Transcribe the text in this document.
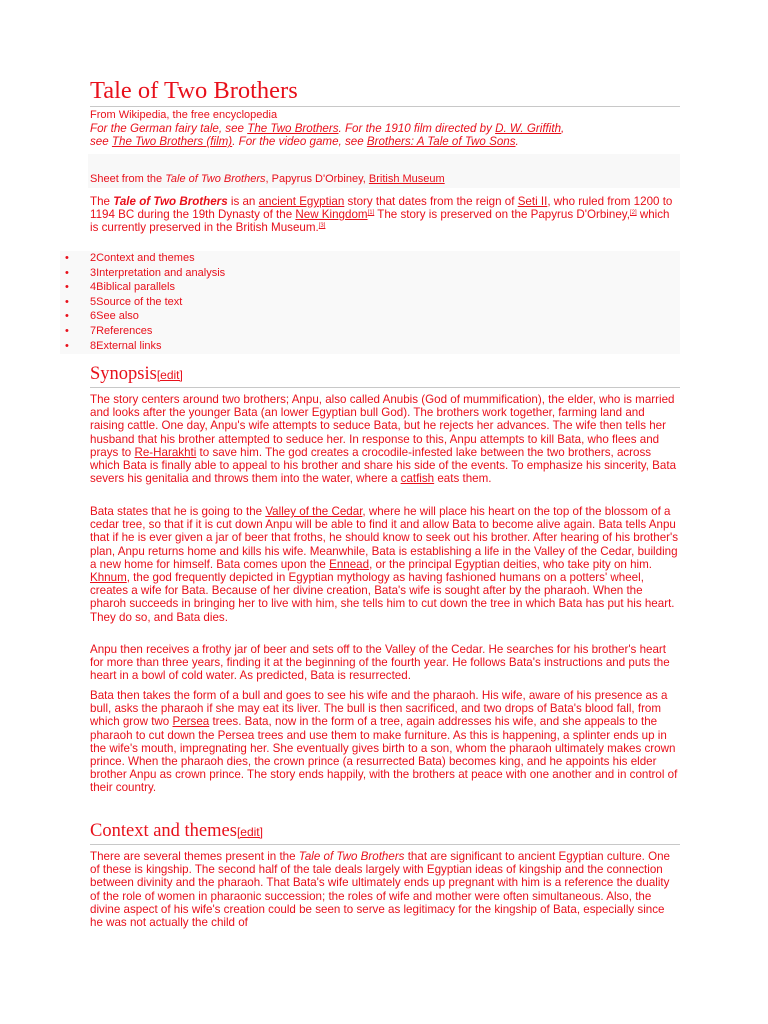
Tale of Two Brothers
From Wikipedia, the free encyclopedia
For the German fairy tale, see The Two Brothers. For the 1910 film directed by D. W. Griffith,
see The Two Brothers (film). For the video game, see Brothers: A Tale of Two Sons.
Sheet from the Tale of Two Brothers, Papyrus D'Orbiney, British Museum
The Tale of Two Brothers is an ancient Egyptian story that dates from the reign of Seti II, who ruled from 1200 to 1194 BC during the 19th Dynasty of the New Kingdom[1] The story is preserved on the Papyrus D'Orbiney,[2] which is currently preserved in the British Museum.[3]
• 2Context and themes
• 3Interpretation and analysis
• 4Biblical parallels
• 5Source of the text
• 6See also
• 7References
• 8External links
Synopsis[edit]

The story centers around two brothers; Anpu, also called Anubis (God of mummification), the elder, who is married and looks after the younger Bata (an lower Egyptian bull God). The brothers work together, farming land and raising cattle. One day, Anpu's wife attempts to seduce Bata, but he rejects her advances. The wife then tells her husband that his brother attempted to seduce her. In response to this, Anpu attempts to kill Bata, who flees and prays to Re-Harakhti to save him. The god creates a crocodile-infested lake between the two brothers, across which Bata is finally able to appeal to his brother and share his side of the events. To emphasize his sincerity, Bata severs his genitalia and throws them into the water, where a catfish eats them.

Bata states that he is going to the Valley of the Cedar, where he will place his heart on the top of the blossom of a cedar tree, so that if it is cut down Anpu will be able to find it and allow Bata to become alive again. Bata tells Anpu that if he is ever given a jar of beer that froths, he should know to seek out his brother. After hearing of his brother's plan, Anpu returns home and kills his wife. Meanwhile, Bata is establishing a life in the Valley of the Cedar, building a new home for himself. Bata comes upon the Ennead, or the principal Egyptian deities, who take pity on him. Khnum, the god frequently depicted in Egyptian mythology as having fashioned humans on a potters' wheel, creates a wife for Bata. Because of her divine creation, Bata's wife is sought after by the pharaoh. When the pharoh succeeds in bringing her to live with him, she tells him to cut down the tree in which Bata has put his heart. They do so, and Bata dies.

Anpu then receives a frothy jar of beer and sets off to the Valley of the Cedar. He searches for his brother's heart for more than three years, finding it at the beginning of the fourth year. He follows Bata's instructions and puts the heart in a bowl of cold water. As predicted, Bata is resurrected.

Bata then takes the form of a bull and goes to see his wife and the pharaoh. His wife, aware of his presence as a bull, asks the pharaoh if she may eat its liver. The bull is then sacrificed, and two drops of Bata's blood fall, from which grow two Persea trees. Bata, now in the form of a tree, again addresses his wife, and she appeals to the pharaoh to cut down the Persea trees and use them to make furniture. As this is happening, a splinter ends up in the wife's mouth, impregnating her. She eventually gives birth to a son, whom the pharaoh ultimately makes crown prince. When the pharaoh dies, the crown prince (a resurrected Bata) becomes king, and he appoints his elder brother Anpu as crown prince. The story ends happily, with the brothers at peace with one another and in control of their country.

Context and themes[edit]

There are several themes present in the Tale of Two Brothers that are significant to ancient Egyptian culture. One of these is kingship. The second half of the tale deals largely with Egyptian ideas of kingship and the connection between divinity and the pharaoh. That Bata's wife ultimately ends up pregnant with him is a reference the duality of the role of women in pharaonic succession; the roles of wife and mother were often simultaneous. Also, the divine aspect of his wife's creation could be seen to serve as legitimacy for the kingship of Bata, especially since he was not actually the child of
